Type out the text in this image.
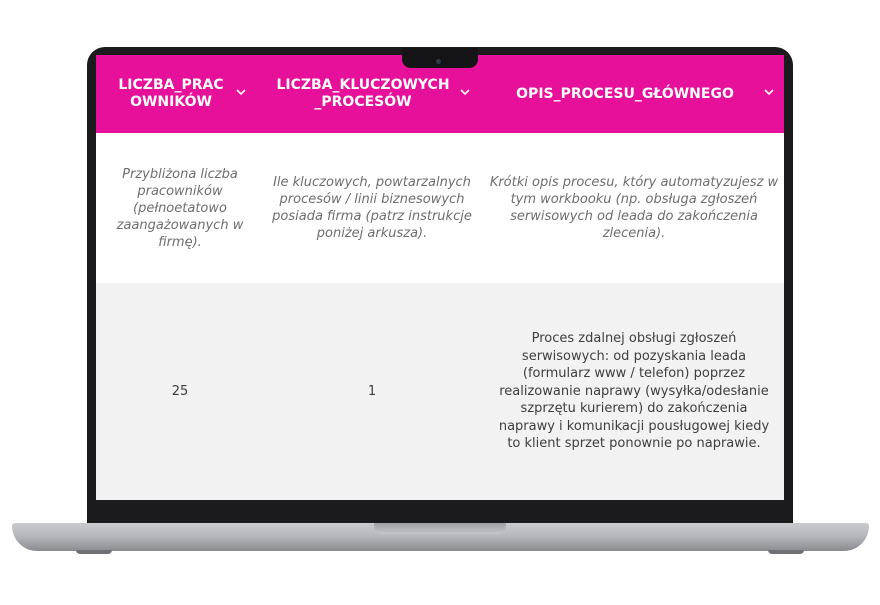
LICZBA_PRAC OWNIKÓW
LICZBA_KLUCZOWYCH _PROCESÓW
OPIS_PROCESU_GŁÓWNEGO
Przybliżona liczba pracowników (pełnoetatowo zaangażowanych w firmę).
Ile kluczowych, powtarzalnych procesów / linii biznesowych posiada firma (patrz instrukcje poniżej arkusza).
Krótki opis procesu, który automatyzujesz w tym workbooku (np. obsługa zgłoszeń serwisowych od leada do zakończenia zlecenia).
25	1
Proces zdalnej obsługi zgłoszeń serwisowych: od pozyskania leada (formularz www / telefon) poprzez realizowanie naprawy (wysyłka/odesłanie szprzętu kurierem) do zakończenia naprawy i komunikacji pousługowej kiedy to klient sprzet ponownie po naprawie.
